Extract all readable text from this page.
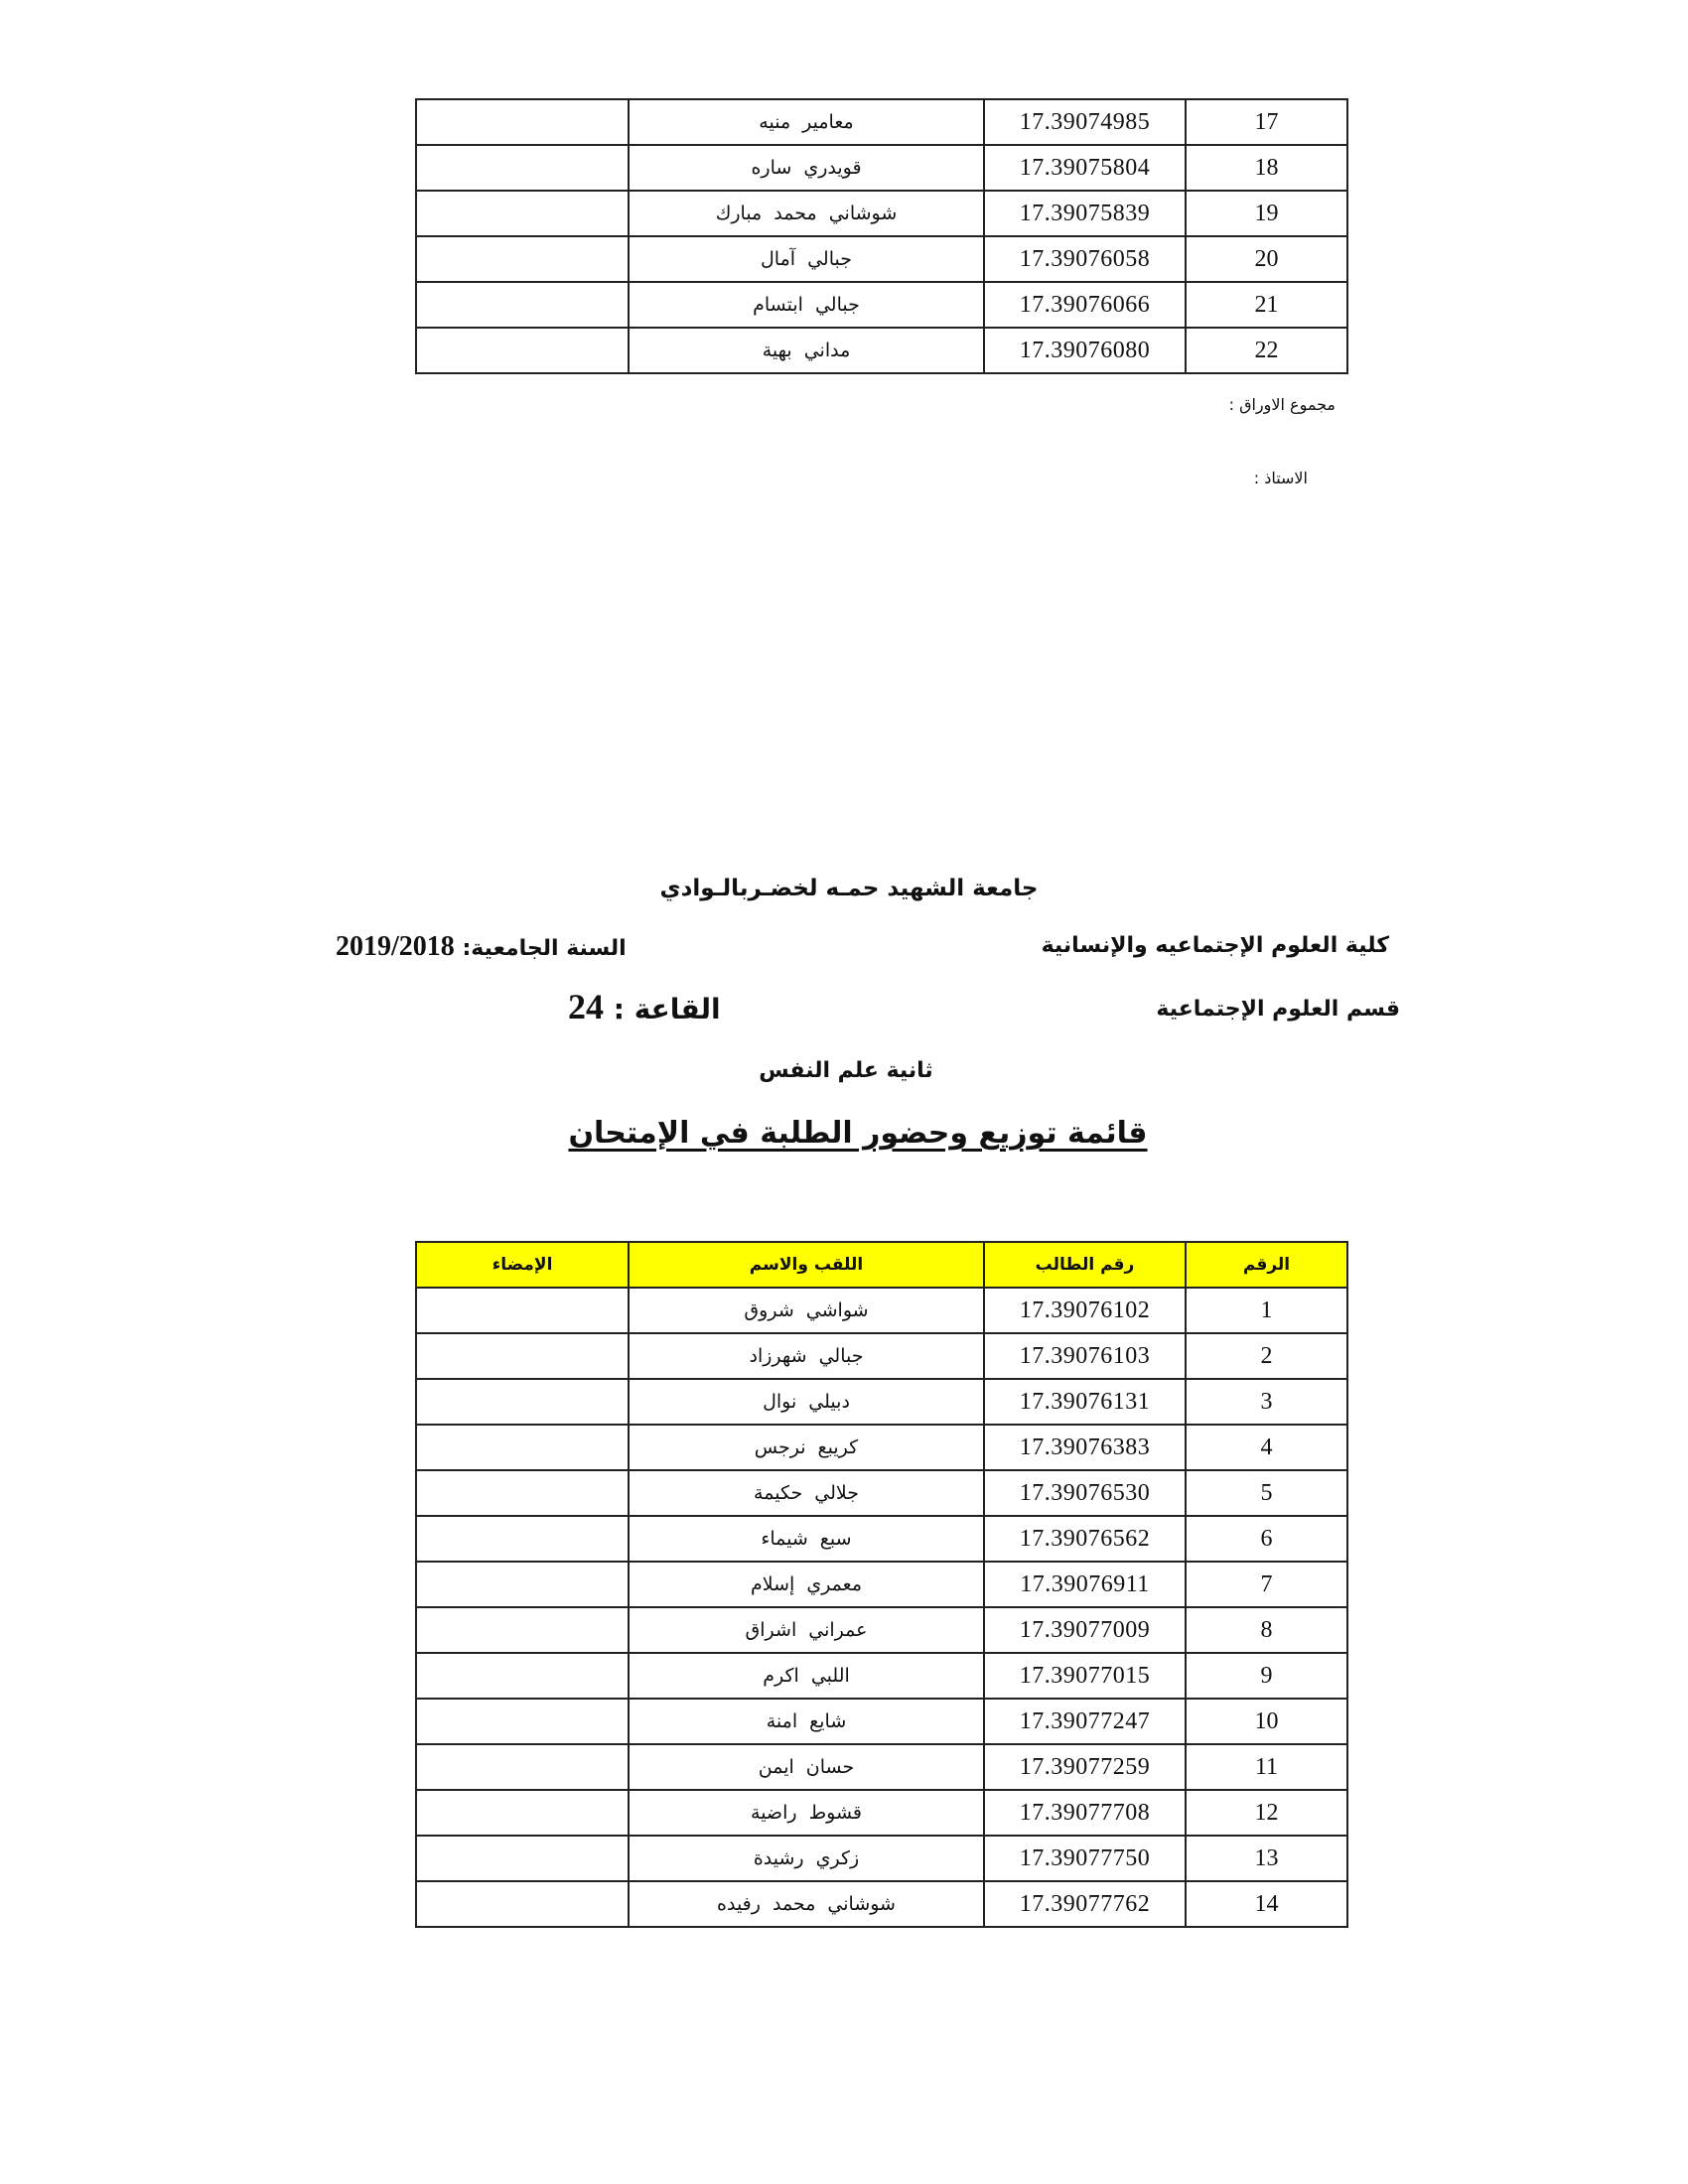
17	17.39074985	معامير منيه	
18	17.39075804	قويدري ساره	
19	17.39075839	شوشاني محمد مبارك	
20	17.39076058	جبالي آمال	
21	17.39076066	جبالي ابتسام	
22	17.39076080	مداني بهية	
مجموع الاوراق :
الاستاذ :
جامعة الشهيد حمـه لخضـربالـوادي
كلية العلوم الإجتماعيه والإنسانية
السنة الجامعية: 2019/2018
قسم العلوم الإجتماعية
القاعة : 24
ثانية علم النفس
قائمة توزيع وحضور الطلبة في الإمتحان
الرقم	رقم الطالب	اللقب والاسم	الإمضاء
1	17.39076102	شواشي شروق	
2	17.39076103	جبالي شهرزاد	
3	17.39076131	دبيلي نوال	
4	17.39076383	كريبع نرجس	
5	17.39076530	جلالي حكيمة	
6	17.39076562	سبع شيماء	
7	17.39076911	معمري إسلام	
8	17.39077009	عمراني اشراق	
9	17.39077015	اللبي اكرم	
10	17.39077247	شايع امنة	
11	17.39077259	حسان ايمن	
12	17.39077708	قشوط راضية	
13	17.39077750	زكري رشيدة	
14	17.39077762	شوشاني محمد رفيده	
